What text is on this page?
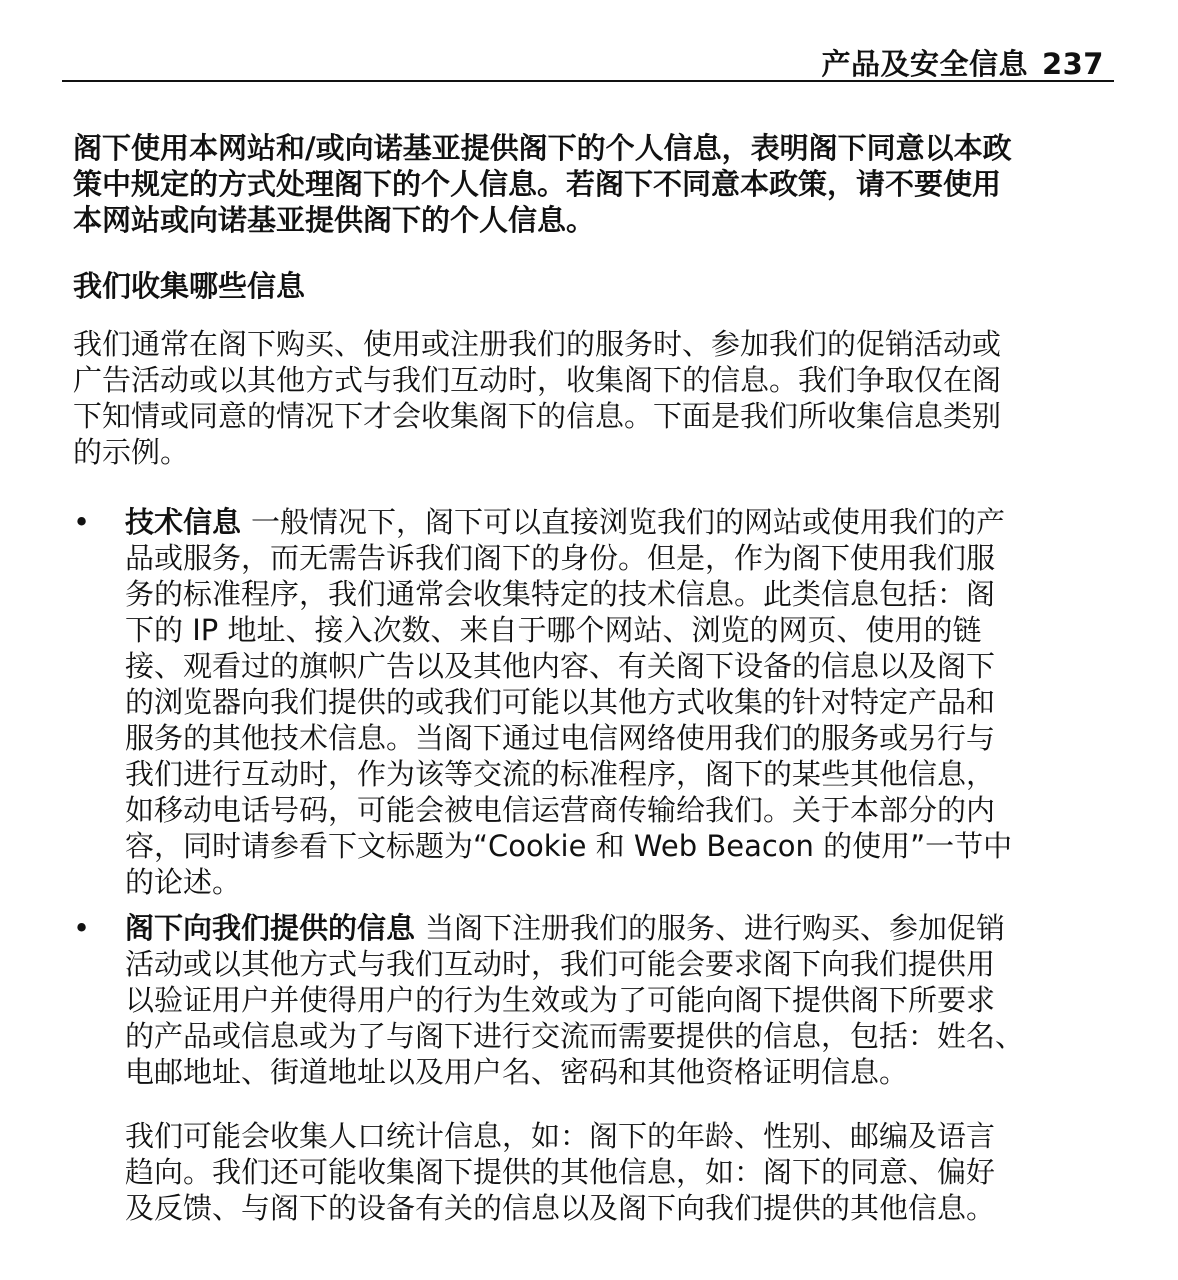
产品及安全信息 237
阁下使用本网站和/或向诺基亚提供阁下的个人信息，表明阁下同意以本政
策中规定的方式处理阁下的个人信息。若阁下不同意本政策，请不要使用
本网站或向诺基亚提供阁下的个人信息。
我们收集哪些信息
我们通常在阁下购买、使用或注册我们的服务时、参加我们的促销活动或
广告活动或以其他方式与我们互动时，收集阁下的信息。我们争取仅在阁
下知情或同意的情况下才会收集阁下的信息。下面是我们所收集信息类别
的示例。
• 技术信息 一般情况下，阁下可以直接浏览我们的网站或使用我们的产
品或服务，而无需告诉我们阁下的身份。但是，作为阁下使用我们服
务的标准程序，我们通常会收集特定的技术信息。此类信息包括：阁
下的 IP 地址、接入次数、来自于哪个网站、浏览的网页、使用的链
接、观看过的旗帜广告以及其他内容、有关阁下设备的信息以及阁下
的浏览器向我们提供的或我们可能以其他方式收集的针对特定产品和
服务的其他技术信息。当阁下通过电信网络使用我们的服务或另行与
我们进行互动时，作为该等交流的标准程序，阁下的某些其他信息，
如移动电话号码，可能会被电信运营商传输给我们。关于本部分的内
容，同时请参看下文标题为“Cookie 和 Web Beacon 的使用”一节中
的论述。
• 阁下向我们提供的信息 当阁下注册我们的服务、进行购买、参加促销
活动或以其他方式与我们互动时，我们可能会要求阁下向我们提供用
以验证用户并使得用户的行为生效或为了可能向阁下提供阁下所要求
的产品或信息或为了与阁下进行交流而需要提供的信息，包括：姓名、
电邮地址、街道地址以及用户名、密码和其他资格证明信息。
我们可能会收集人口统计信息，如：阁下的年龄、性别、邮编及语言
趋向。我们还可能收集阁下提供的其他信息，如：阁下的同意、偏好
及反馈、与阁下的设备有关的信息以及阁下向我们提供的其他信息。
